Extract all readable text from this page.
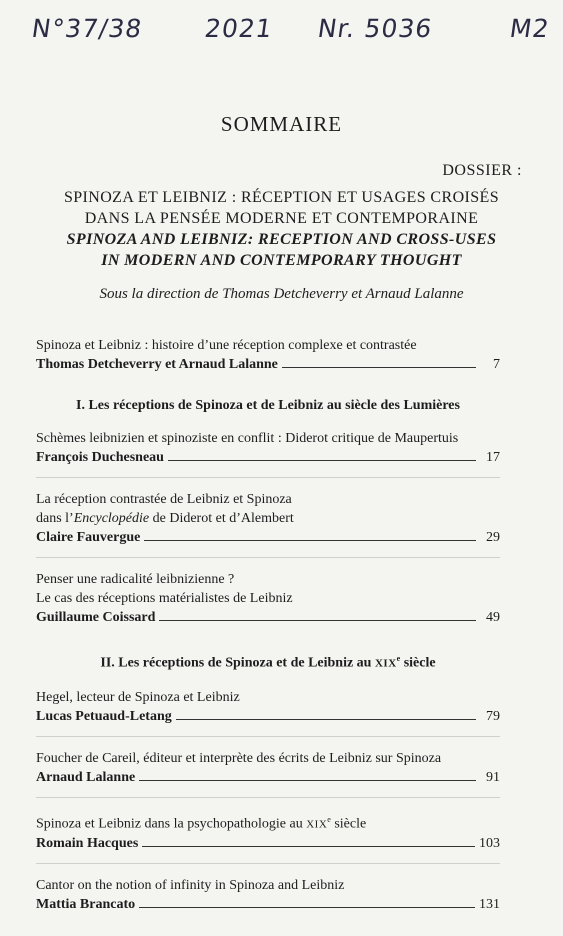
N°37/38 2021 Nr. 5036	M2
SOMMAIRE
DOSSIER :
SPINOZA ET LEIBNIZ : RÉCEPTION ET USAGES CROISÉS
DANS LA PENSÉE MODERNE ET CONTEMPORAINE
SPINOZA AND LEIBNIZ: RECEPTION AND CROSS-USES
IN MODERN AND CONTEMPORARY THOUGHT
Sous la direction de Thomas Detcheverry et Arnaud Lalanne
Spinoza et Leibniz : histoire d’une réception complexe et contrastée
Thomas Detcheverry et Arnaud Lalanne	7
I. Les réceptions de Spinoza et de Leibniz au siècle des Lumières
Schèmes leibnizien et spinoziste en conflit : Diderot critique de Maupertuis
François Duchesneau	17
La réception contrastée de Leibniz et Spinoza
dans l’Encyclopédie de Diderot et d’Alembert
Claire Fauvergue	29
Penser une radicalité leibnizienne ?
Le cas des réceptions matérialistes de Leibniz
Guillaume Coissard	49
II. Les réceptions de Spinoza et de Leibniz au XIXe siècle
Hegel, lecteur de Spinoza et Leibniz
Lucas Petuaud-Letang	79
Foucher de Careil, éditeur et interprète des écrits de Leibniz sur Spinoza
Arnaud Lalanne	91
Spinoza et Leibniz dans la psychopathologie au XIXe siècle
Romain Hacques	103
Cantor on the notion of infinity in Spinoza and Leibniz
Mattia Brancato	131
